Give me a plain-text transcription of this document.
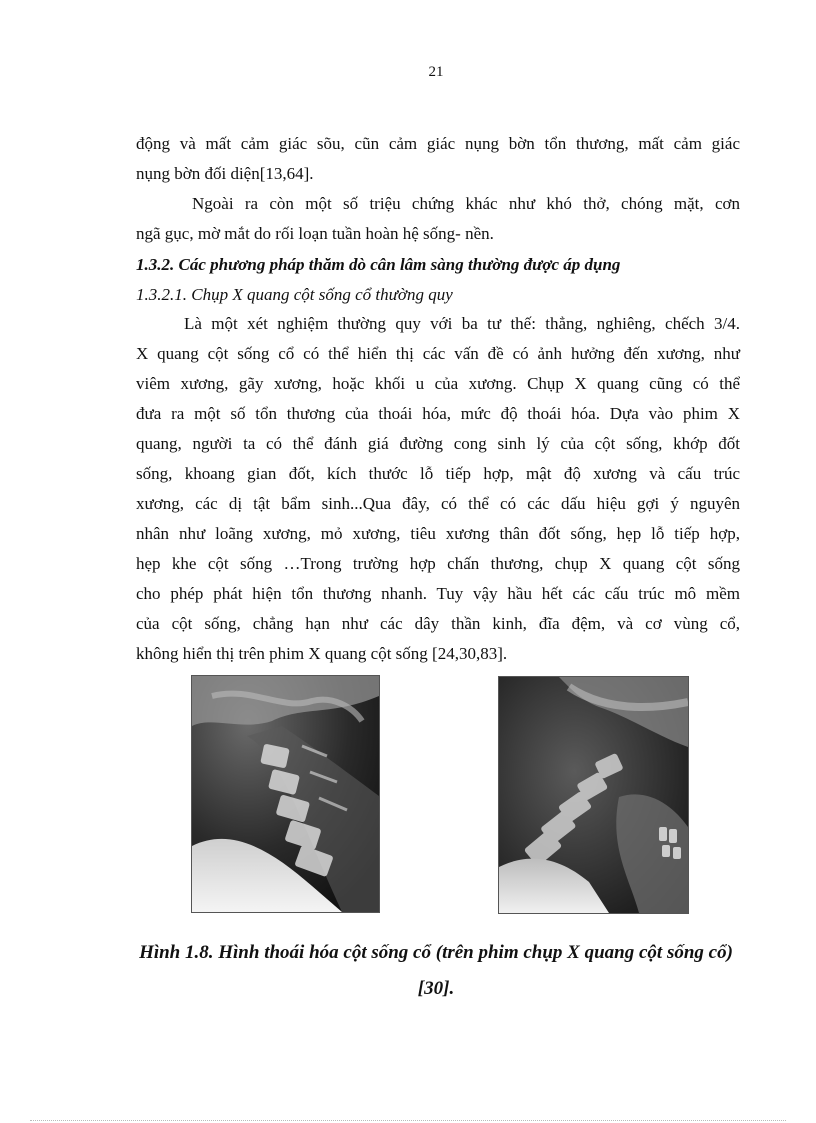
21
động và mất cảm giác sõu, cũn cảm giác nụng bờn tổn thương, mất cảm giác
nụng bờn đối diện[13,64].
Ngoài ra còn một số triệu chứng khác như khó thở, chóng mặt, cơn
ngã gục, mờ mắt do rối loạn tuần hoàn hệ sống- nền.
1.3.2. Các phương pháp thăm dò cân lâm sàng thường được áp dụng
1.3.2.1. Chụp X quang cột sống cổ thường quy
Là một xét nghiệm thường quy với ba tư thế: thẳng, nghiêng, chếch 3/4.
X quang cột sống cổ có thể hiển thị các vấn đề có ảnh hưởng đến xương, như
viêm xương, gãy xương, hoặc khối u của xương. Chụp X quang cũng có thể
đưa ra một số tổn thương của thoái hóa, mức độ thoái hóa. Dựa vào phim X
quang, người ta có thể đánh giá đường cong sinh lý của cột sống, khớp đốt
sống, khoang gian đốt, kích thước lỗ tiếp hợp, mật độ xương và cấu trúc
xương, các dị tật bẩm sinh...Qua đây, có thể có các dấu hiệu gợi ý nguyên
nhân như loãng xương, mỏ xương, tiêu xương thân đốt sống, hẹp lỗ tiếp hợp,
hẹp khe cột sống …Trong trường hợp chấn thương, chụp X quang cột sống
cho phép phát hiện tổn thương nhanh. Tuy vậy hầu hết các cấu trúc mô mềm
của cột sống, chẳng hạn như các dây thần kinh, đĩa đệm, và cơ vùng cổ,
không hiển thị trên phim X quang cột sống [24,30,83].
Hình 1.8. Hình thoái hóa cột sống cổ (trên phim chụp X quang cột sống cổ)
[30].
